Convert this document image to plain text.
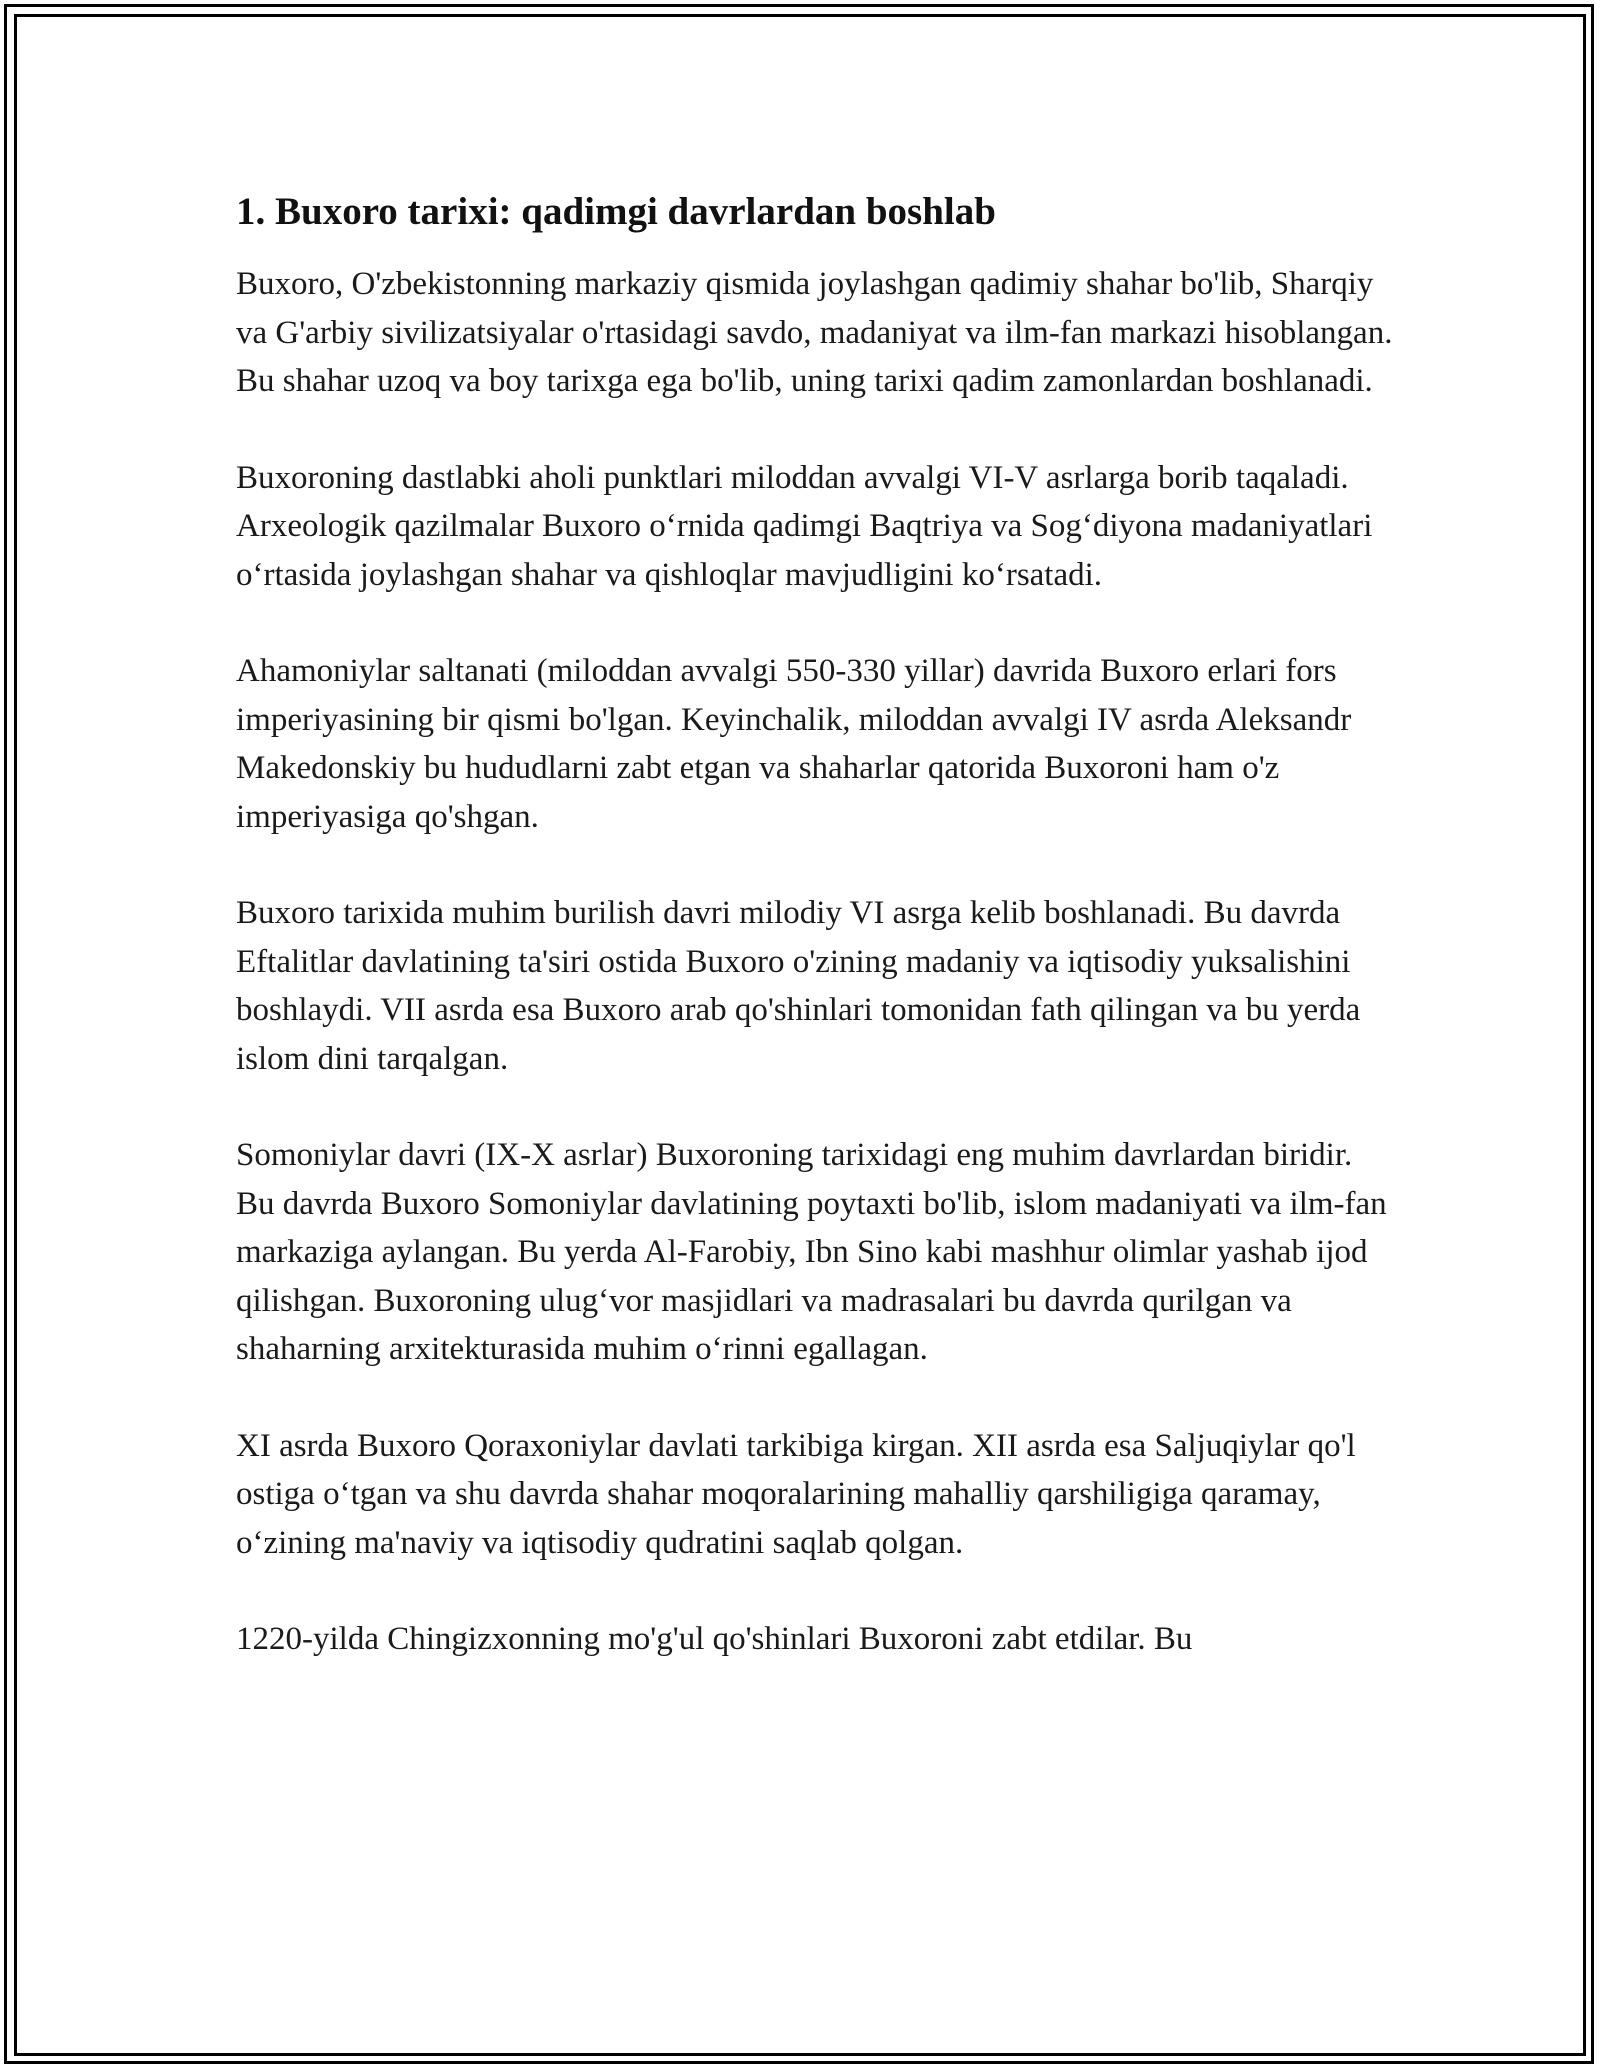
1. Buxoro tarixi: qadimgi davrlardan boshlab

Buxoro, O'zbekistonning markaziy qismida joylashgan qadimiy shahar bo'lib, Sharqiy va G'arbiy sivilizatsiyalar o'rtasidagi savdo, madaniyat va ilm-fan markazi hisoblangan. Bu shahar uzoq va boy tarixga ega bo'lib, uning tarixi qadim zamonlardan boshlanadi.

Buxoroning dastlabki aholi punktlari miloddan avvalgi VI-V asrlarga borib taqaladi. Arxeologik qazilmalar Buxoro o‘rnida qadimgi Baqtriya va Sog‘diyona madaniyatlari o‘rtasida joylashgan shahar va qishloqlar mavjudligini ko‘rsatadi.

Ahamoniylar saltanati (miloddan avvalgi 550-330 yillar) davrida Buxoro erlari fors imperiyasining bir qismi bo'lgan. Keyinchalik, miloddan avvalgi IV asrda Aleksandr Makedonskiy bu hududlarni zabt etgan va shaharlar qatorida Buxoroni ham o'z imperiyasiga qo'shgan.

Buxoro tarixida muhim burilish davri milodiy VI asrga kelib boshlanadi. Bu davrda Eftalitlar davlatining ta'siri ostida Buxoro o'zining madaniy va iqtisodiy yuksalishini boshlaydi. VII asrda esa Buxoro arab qo'shinlari tomonidan fath qilingan va bu yerda islom dini tarqalgan.

Somoniylar davri (IX-X asrlar) Buxoroning tarixidagi eng muhim davrlardan biridir. Bu davrda Buxoro Somoniylar davlatining poytaxti bo'lib, islom madaniyati va ilm-fan markaziga aylangan. Bu yerda Al-Farobiy, Ibn Sino kabi mashhur olimlar yashab ijod qilishgan. Buxoroning ulug‘vor masjidlari va madrasalari bu davrda qurilgan va shaharning arxitekturasida muhim o‘rinni egallagan.

XI asrda Buxoro Qoraxoniylar davlati tarkibiga kirgan. XII asrda esa Saljuqiylar qo'l ostiga o‘tgan va shu davrda shahar moqoralarining mahalliy qarshiligiga qaramay, o‘zining ma'naviy va iqtisodiy qudratini saqlab qolgan.

1220-yilda Chingizxonning mo'g'ul qo'shinlari Buxoroni zabt etdilar. Bu
